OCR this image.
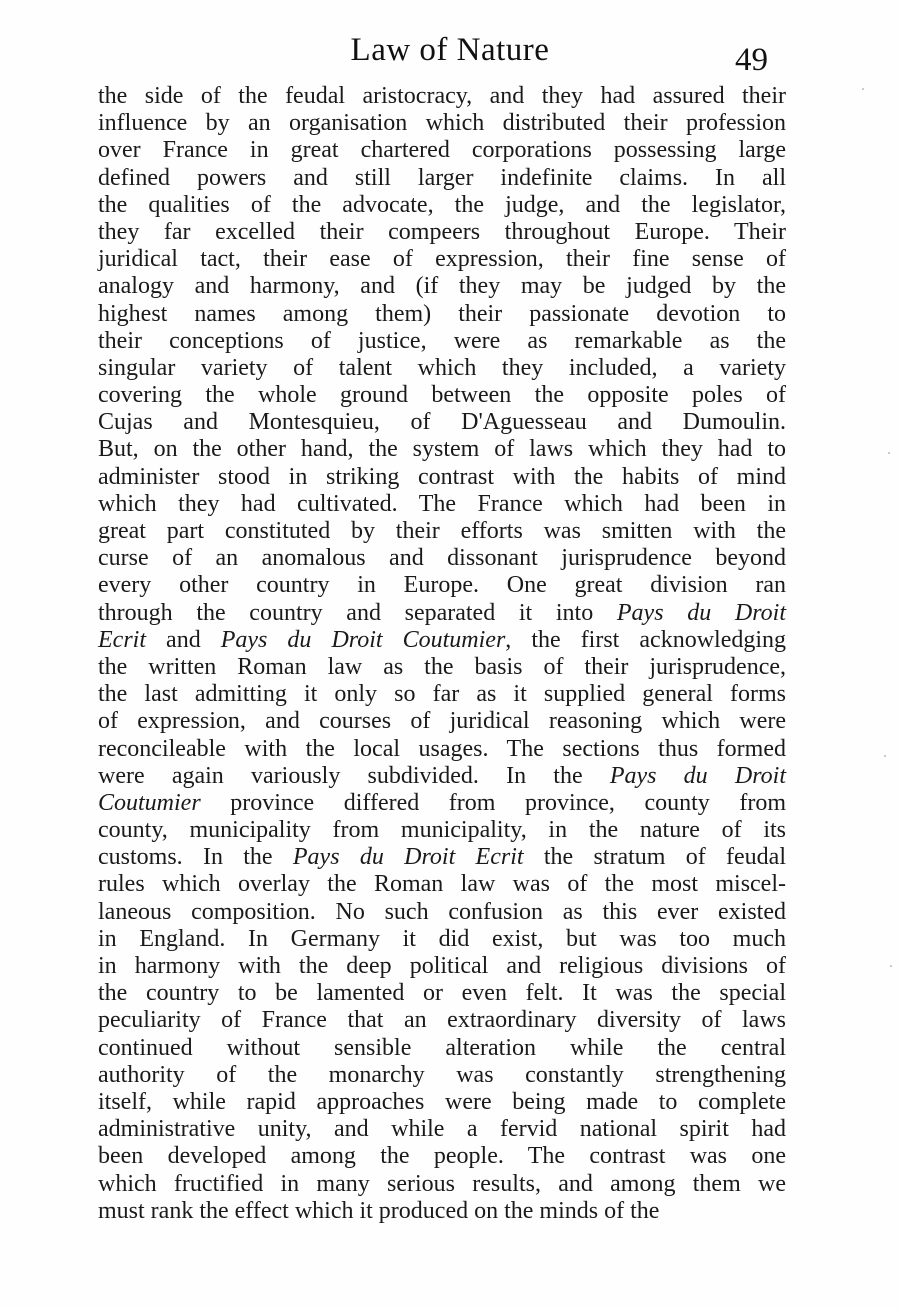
Law of Nature	49
the side of the feudal aristocracy, and they had assured their
influence by an organisation which distributed their profession
over France in great chartered corporations possessing large
defined powers and still larger indefinite claims. In all
the qualities of the advocate, the judge, and the legislator,
they far excelled their compeers throughout Europe. Their
juridical tact, their ease of expression, their fine sense of
analogy and harmony, and (if they may be judged by the
highest names among them) their passionate devotion to
their conceptions of justice, were as remarkable as the
singular variety of talent which they included, a variety
covering the whole ground between the opposite poles of
Cujas and Montesquieu, of D'Aguesseau and Dumoulin.
But, on the other hand, the system of laws which they had to
administer stood in striking contrast with the habits of mind
which they had cultivated. The France which had been in
great part constituted by their efforts was smitten with the
curse of an anomalous and dissonant jurisprudence beyond
every other country in Europe. One great division ran
through the country and separated it into Pays du Droit
Ecrit and Pays du Droit Coutumier, the first acknowledging
the written Roman law as the basis of their jurisprudence,
the last admitting it only so far as it supplied general forms
of expression, and courses of juridical reasoning which were
reconcileable with the local usages. The sections thus formed
were again variously subdivided. In the Pays du Droit
Coutumier province differed from province, county from
county, municipality from municipality, in the nature of its
customs. In the Pays du Droit Ecrit the stratum of feudal
rules which overlay the Roman law was of the most miscel-
laneous composition. No such confusion as this ever existed
in England. In Germany it did exist, but was too much
in harmony with the deep political and religious divisions of
the country to be lamented or even felt. It was the special
peculiarity of France that an extraordinary diversity of laws
continued without sensible alteration while the central
authority of the monarchy was constantly strengthening
itself, while rapid approaches were being made to complete
administrative unity, and while a fervid national spirit had
been developed among the people. The contrast was one
which fructified in many serious results, and among them we
must rank the effect which it produced on the minds of the
